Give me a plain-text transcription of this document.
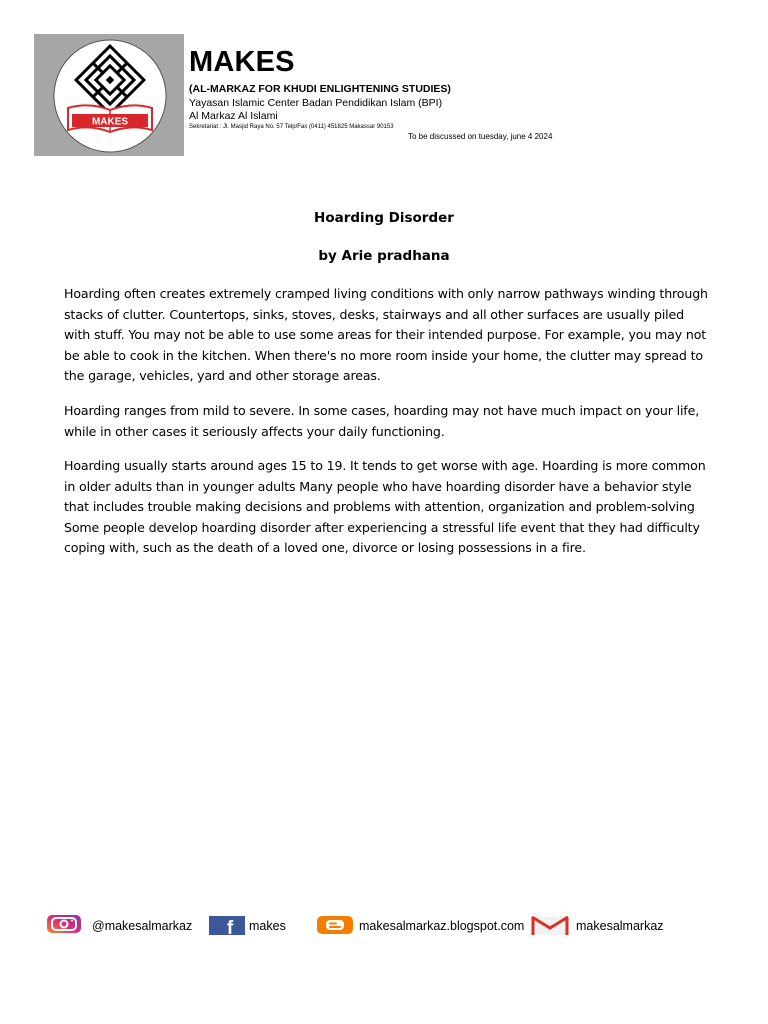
MAKES
MAKES
(AL-MARKAZ FOR KHUDI ENLIGHTENING STUDIES)
Yayasan Islamic Center Badan Pendidikan Islam (BPI)
Al Markaz Al Islami
Sekretariat : Jl. Masjid Raya No. 57 Telp/Fax (0411) 451825 Makassar 90153
To be discussed on tuesday, june 4 2024
Hoarding Disorder
by Arie pradhana

Hoarding often creates extremely cramped living conditions with only narrow pathways winding through stacks of clutter. Countertops, sinks, stoves, desks, stairways and all other surfaces are usually piled with stuff. You may not be able to use some areas for their intended purpose. For example, you may not be able to cook in the kitchen. When there's no more room inside your home, the clutter may spread to the garage, vehicles, yard and other storage areas.

Hoarding ranges from mild to severe. In some cases, hoarding may not have much impact on your life, while in other cases it seriously affects your daily functioning.

Hoarding usually starts around ages 15 to 19. It tends to get worse with age. Hoarding is more common in older adults than in younger adults Many people who have hoarding disorder have a behavior style that includes trouble making decisions and problems with attention, organization and problem-solving Some people develop hoarding disorder after experiencing a stressful life event that they had difficulty coping with, such as the death of a loved one, divorce or losing possessions in a fire.

@makesalmarkaz f makes	makesalmarkaz.blogspot.com	makesalmarkaz
